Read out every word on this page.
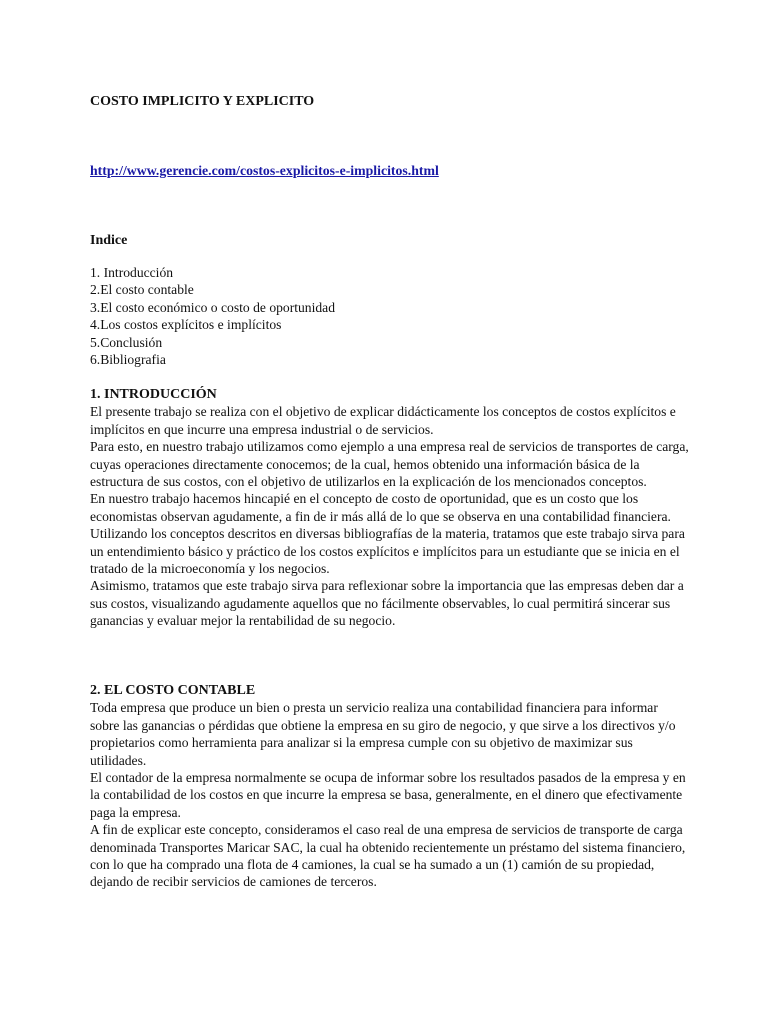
COSTO IMPLICITO Y EXPLICITO
http://www.gerencie.com/costos-explicitos-e-implicitos.html
Indice
1. Introducción
2.El costo contable
3.El costo económico o costo de oportunidad
4.Los costos explícitos e implícitos
5.Conclusión
6.Bibliografia
1. INTRODUCCIÓN

El presente trabajo se realiza con el objetivo de explicar didácticamente los conceptos de costos explícitos e implícitos en que incurre una empresa industrial o de servicios.

Para esto, en nuestro trabajo utilizamos como ejemplo a una empresa real de servicios de transportes de carga, cuyas operaciones directamente conocemos; de la cual, hemos obtenido una información básica de la estructura de sus costos, con el objetivo de utilizarlos en la explicación de los mencionados conceptos.

En nuestro trabajo hacemos hincapié en el concepto de costo de oportunidad, que es un costo que los economistas observan agudamente, a fin de ir más allá de lo que se observa en una contabilidad financiera.

Utilizando los conceptos descritos en diversas bibliografías de la materia, tratamos que este trabajo sirva para un entendimiento básico y práctico de los costos explícitos e implícitos para un estudiante que se inicia en el tratado de la microeconomía y los negocios.

Asimismo, tratamos que este trabajo sirva para reflexionar sobre la importancia que las empresas deben dar a sus costos, visualizando agudamente aquellos que no fácilmente observables, lo cual permitirá sincerar sus ganancias y evaluar mejor la rentabilidad de su negocio.

2. EL COSTO CONTABLE

Toda empresa que produce un bien o presta un servicio realiza una contabilidad financiera para informar sobre las ganancias o pérdidas que obtiene la empresa en su giro de negocio, y que sirve a los directivos y/o propietarios como herramienta para analizar si la empresa cumple con su objetivo de maximizar sus utilidades.

El contador de la empresa normalmente se ocupa de informar sobre los resultados pasados de la empresa y en la contabilidad de los costos en que incurre la empresa se basa, generalmente, en el dinero que efectivamente paga la empresa.

A fin de explicar este concepto, consideramos el caso real de una empresa de servicios de transporte de carga denominada Transportes Maricar SAC, la cual ha obtenido recientemente un préstamo del sistema financiero, con lo que ha comprado una flota de 4 camiones, la cual se ha sumado a un (1) camión de su propiedad, dejando de recibir servicios de camiones de terceros.
